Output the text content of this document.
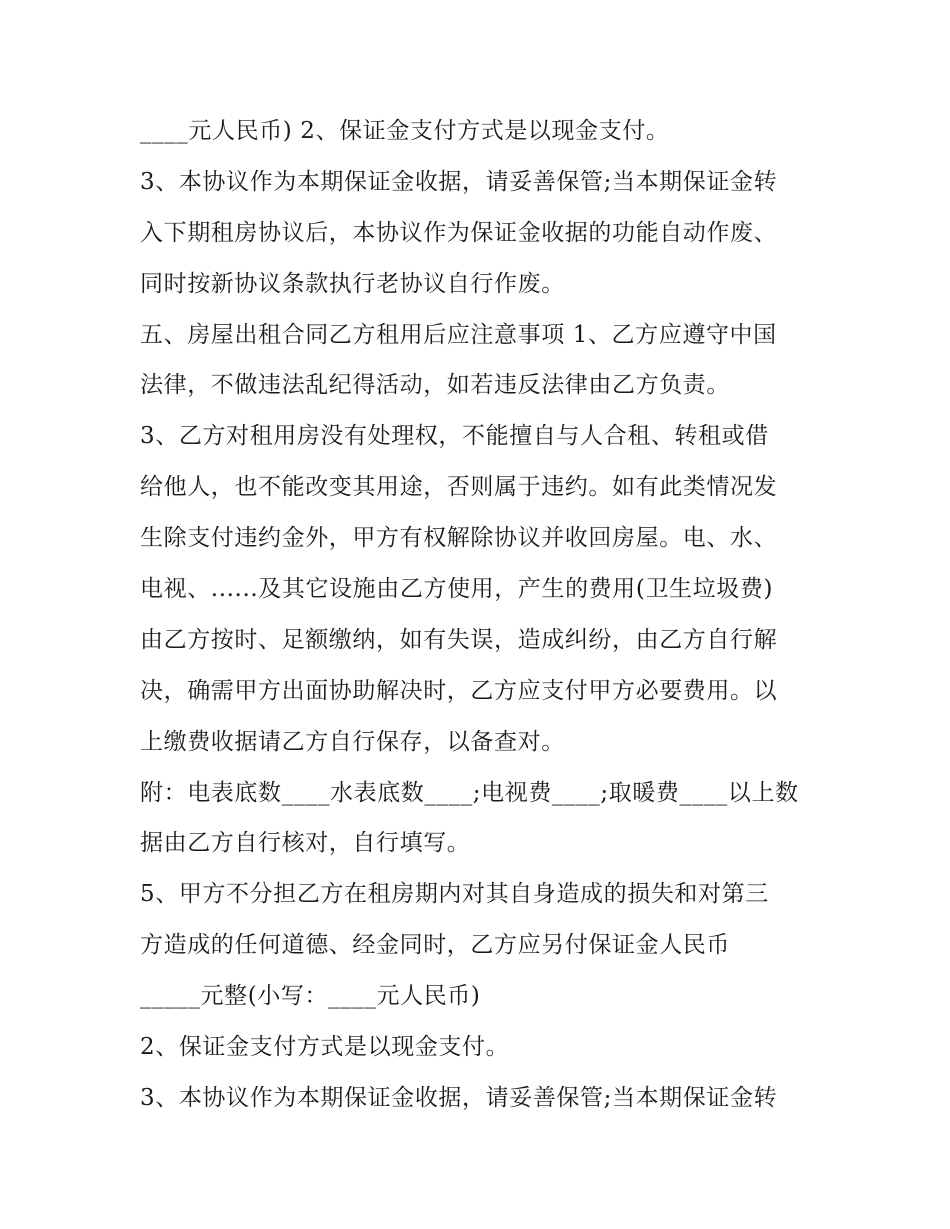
____元人民币) 2、保证金支付方式是以现金支付。
3、本协议作为本期保证金收据，请妥善保管;当本期保证金转
入下期租房协议后，本协议作为保证金收据的功能自动作废、
同时按新协议条款执行老协议自行作废。
五、房屋出租合同乙方租用后应注意事项 1、乙方应遵守中国
法律，不做违法乱纪得活动，如若违反法律由乙方负责。
3、乙方对租用房没有处理权，不能擅自与人合租、转租或借
给他人，也不能改变其用途，否则属于违约。如有此类情况发
生除支付违约金外，甲方有权解除协议并收回房屋。电、水、
电视、......及其它设施由乙方使用，产生的费用(卫生垃圾费)
由乙方按时、足额缴纳，如有失误，造成纠纷，由乙方自行解
决，确需甲方出面协助解决时，乙方应支付甲方必要费用。以
上缴费收据请乙方自行保存，以备查对。
附：电表底数____水表底数____;电视费____;取暖费____以上数
据由乙方自行核对，自行填写。
5、甲方不分担乙方在租房期内对其自身造成的损失和对第三
方造成的任何道德、经金同时，乙方应另付保证金人民币
_____元整(小写：____元人民币)
2、保证金支付方式是以现金支付。
3、本协议作为本期保证金收据，请妥善保管;当本期保证金转
